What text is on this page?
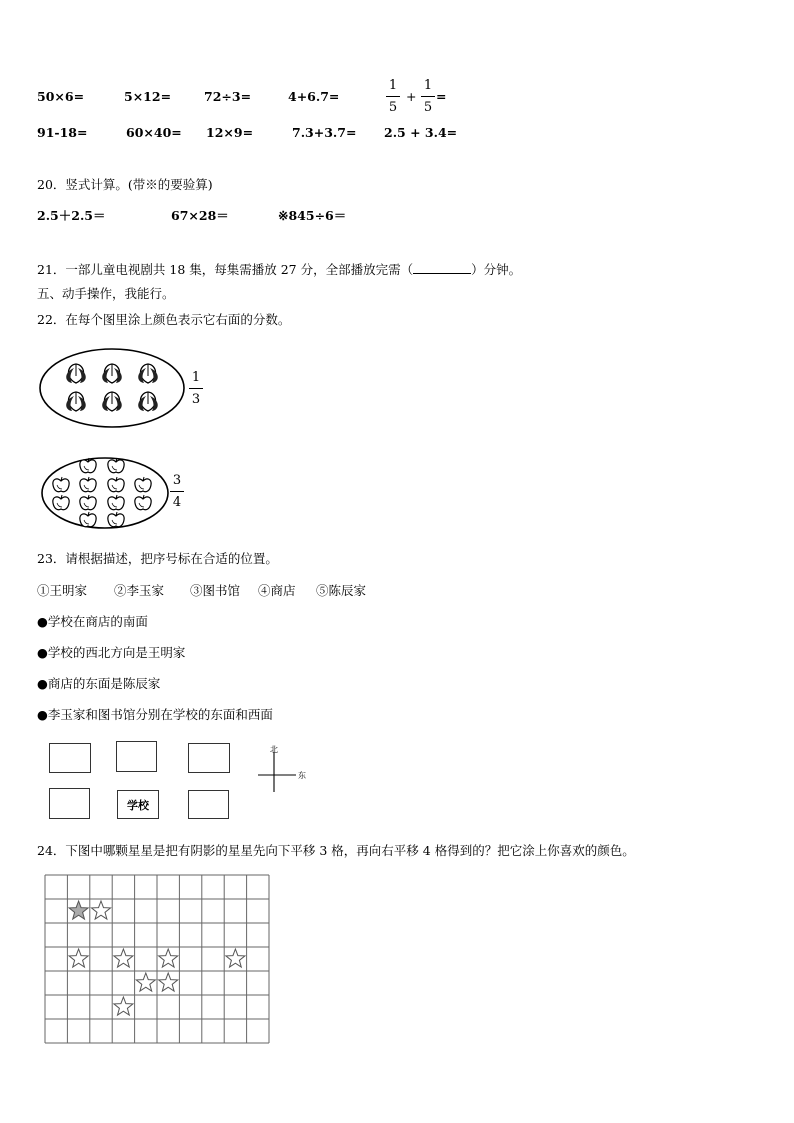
50×6=	5×12=	72÷3=	4+6.7=
1
5
+
1
5
=
91-18=	60×40= 12×9=	7.3+3.7= 2.5 + 3.4=
20．竖式计算。(带※的要验算)
2.5＋2.5＝	67×28＝	※845÷6＝
21．一部儿童电视剧共 18 集，每集需播放 27 分，全部播放完需（	）分钟。
五、动手操作，我能行。
22．在每个图里涂上颜色表示它右面的分数。
1
3
3
4
23．请根据描述，把序号标在合适的位置。
①王明家 ②李玉家 ③图书馆 ④商店 ⑤陈辰家
●学校在商店的南面
●学校的西北方向是王明家
●商店的东面是陈辰家
●李玉家和图书馆分别在学校的东面和西面
学校
北
东
24．下图中哪颗星星是把有阴影的星星先向下平移 3 格，再向右平移 4 格得到的？把它涂上你喜欢的颜色。
